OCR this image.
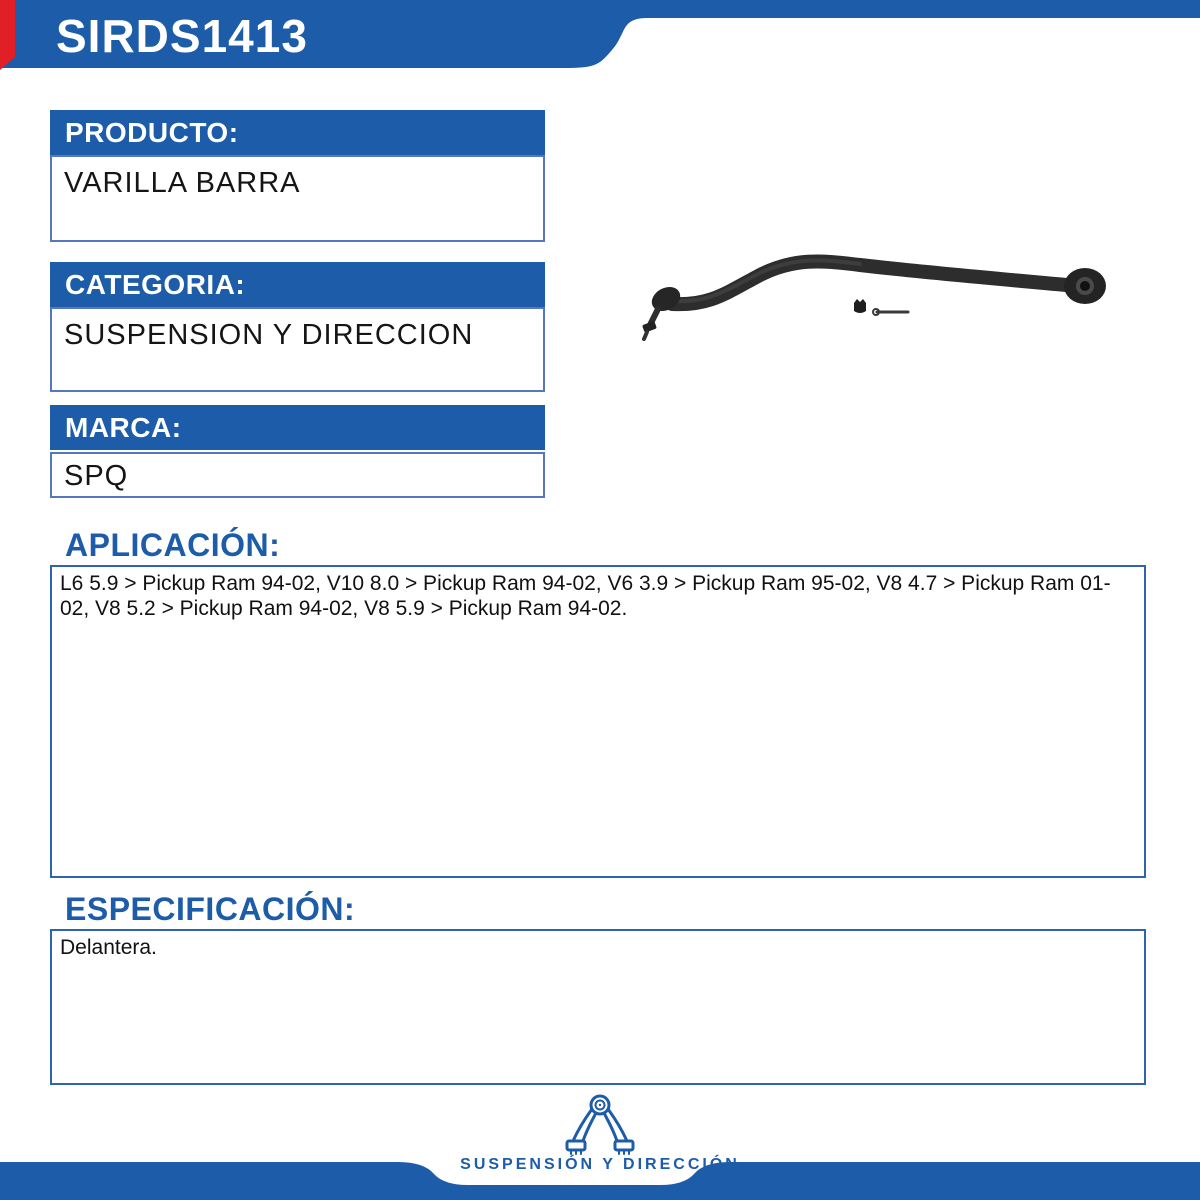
SIRDS1413
PRODUCTO:
VARILLA BARRA
CATEGORIA:
SUSPENSION Y DIRECCION
MARCA:
SPQ
APLICACIÓN:
L6 5.9 > Pickup Ram 94-02, V10 8.0 > Pickup Ram 94-02, V6 3.9 > Pickup Ram 95-02, V8 4.7 > Pickup Ram 01-02, V8 5.2 > Pickup Ram 94-02, V8 5.9 > Pickup Ram 94-02.
ESPECIFICACIÓN:
Delantera.
SUSPENSIÓN Y DIRECCIÓN
